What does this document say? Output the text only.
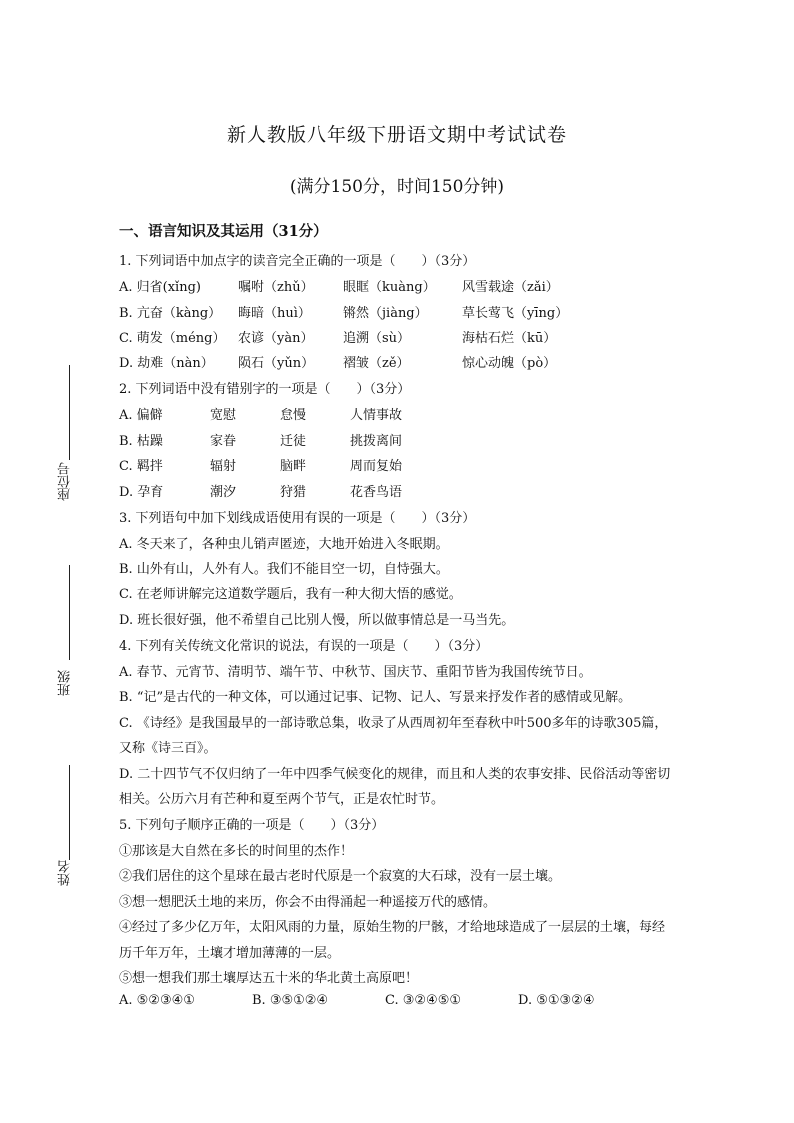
新人教版八年级下册语文期中考试试卷
(满分150分，时间150分钟)
一、语言知识及其运用（31分）
座位号
班级
姓名
1. 下列词语中加点字的读音完全正确的一项是（　　）（3分）
A. 归省(xǐng)	嘱咐（zhǔ） 眼眶（kuàng） 风雪载途（zǎi）
B. 亢奋（kàng） 晦暗（huì） 锵然（jiàng）	草长莺飞（yīng）
C. 萌发（méng） 农谚（yàn） 追溯（sù）	海枯石烂（kū）
D. 劫难（nàn） 陨石（yǔn） 褶皱（zě）	惊心动魄（pò）
2. 下列词语中没有错别字的一项是（　　）（3分）
A. 偏僻	宽慰	怠慢	人情事故
B. 枯躁	家眷	迁徒	挑拨离间
C. 羁拌	辐射	脑畔	周而复始
D. 孕育	潮汐	狩猎	花香鸟语
3. 下列语句中加下划线成语使用有误的一项是（　　）（3分）
A. 冬天来了，各种虫儿销声匿迹，大地开始进入冬眠期。
B. 山外有山，人外有人。我们不能目空一切，自恃强大。
C. 在老师讲解完这道数学题后，我有一种大彻大悟的感觉。
D. 班长很好强，他不希望自己比别人慢，所以做事情总是一马当先。
4. 下列有关传统文化常识的说法，有误的一项是（　　）（3分）
A. 春节、元宵节、清明节、端午节、中秋节、国庆节、重阳节皆为我国传统节日。
B. “记”是古代的一种文体，可以通过记事、记物、记人、写景来抒发作者的感情或见解。
C. 《诗经》是我国最早的一部诗歌总集，收录了从西周初年至春秋中叶500多年的诗歌305篇，
又称《诗三百》。
D. 二十四节气不仅归纳了一年中四季气候变化的规律，而且和人类的农事安排、民俗活动等密切
相关。公历六月有芒种和夏至两个节气，正是农忙时节。
5. 下列句子顺序正确的一项是（　　）（3分）
①那该是大自然在多长的时间里的杰作！
②我们居住的这个星球在最古老时代原是一个寂寞的大石球，没有一层土壤。
③想一想肥沃土地的来历，你会不由得涌起一种遥接万代的感情。
④经过了多少亿万年，太阳风雨的力量，原始生物的尸骸，才给地球造成了一层层的土壤，每经
历千年万年，土壤才增加薄薄的一层。
⑤想一想我们那土壤厚达五十米的华北黄土高原吧！
A. ⑤②③④①	B. ③⑤①②④	C. ③②④⑤①	D. ⑤①③②④
